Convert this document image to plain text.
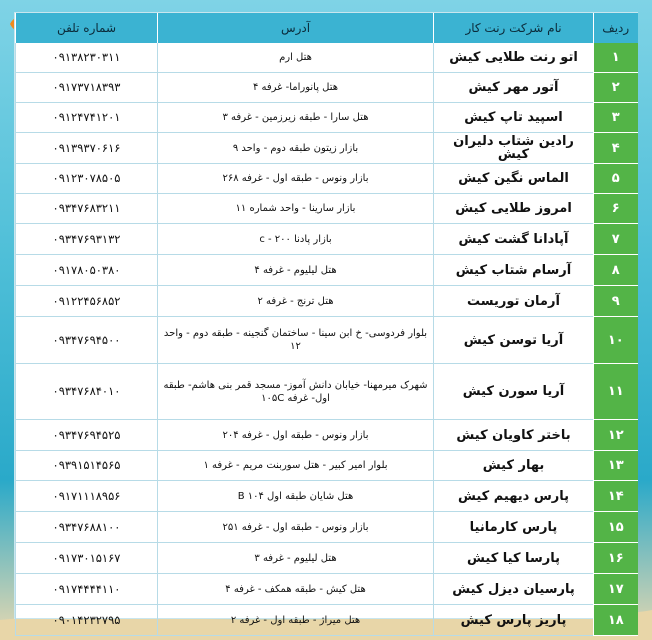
ردیف	نام شرکت رنت کار	آدرس	شماره تلفن
۱	اتو رنت طلایی کیش	هتل ارم	۰۹۱۳۸۲۳۰۳۱۱
۲	آتور مهر کیش	هتل پانوراما- غرفه ۴	۰۹۱۷۳۷۱۸۳۹۳
۳	اسپید تاپ کیش	هتل سارا - طبقه زیرزمین - غرفه ۳	۰۹۱۲۴۷۴۱۲۰۱
۴	رادین شتاب دلیران کیش	بازار زیتون طبقه دوم - واحد ۹	۰۹۱۳۹۳۷۰۶۱۶
۵	الماس نگین کیش	بازار ونوس - طبقه اول - غرفه ۲۶۸	۰۹۱۲۳۰۷۸۵۰۵
۶	امروز طلایی کیش	بازار سارینا - واحد شماره ۱۱	۰۹۳۴۷۶۸۳۲۱۱
۷	آپادانا گشت کیش	بازار پادنا c - ۲۰۰	۰۹۳۴۷۶۹۳۱۳۲
۸	آرسام شتاب کیش	هتل لیلیوم - غرفه ۴	۰۹۱۷۸۰۵۰۳۸۰
۹	آرمان توریست	هتل ترنج - غرفه ۲	۰۹۱۲۲۴۵۶۸۵۲
۱۰	آریا توسن کیش	بلوار فردوسی- خ ابن سینا - ساختمان گنجینه - طبقه دوم - واحد ۱۲	۰۹۳۴۷۶۹۴۵۰۰
۱۱	آریا سورن کیش	شهرک میرمهنا- خیابان دانش آموز- مسجد قمر بنی هاشم- طبقه اول- غرفه ۱۰۵C	۰۹۳۴۷۶۸۴۰۱۰
۱۲	باختر کاویان کیش	بازار ونوس - طبقه اول - غرفه ۲۰۴	۰۹۳۴۷۶۹۴۵۲۵
۱۳	بهار کیش	بلوار امیر کبیر - هتل سوربنت مریم - غرفه ۱	۰۹۳۹۱۵۱۴۵۶۵
۱۴	پارس دیهیم کیش	هتل شایان طبقه اول B ۱۰۴	۰۹۱۷۱۱۱۸۹۵۶
۱۵	پارس کارمانیا	بازار ونوس - طبقه اول - غرفه ۲۵۱	۰۹۳۴۷۶۸۸۱۰۰
۱۶	پارسا کیا کیش	هتل لیلیوم - غرفه ۳	۰۹۱۷۳۰۱۵۱۶۷
۱۷	پارسیان دیزل کیش	هتل کیش - طبقه همکف - غرفه ۴	۰۹۱۷۴۴۴۴۱۱۰
۱۸	پاریز پارس کیش	هتل میراژ - طبقه اول - غرفه ۲	۰۹۰۱۴۲۳۲۷۹۵
